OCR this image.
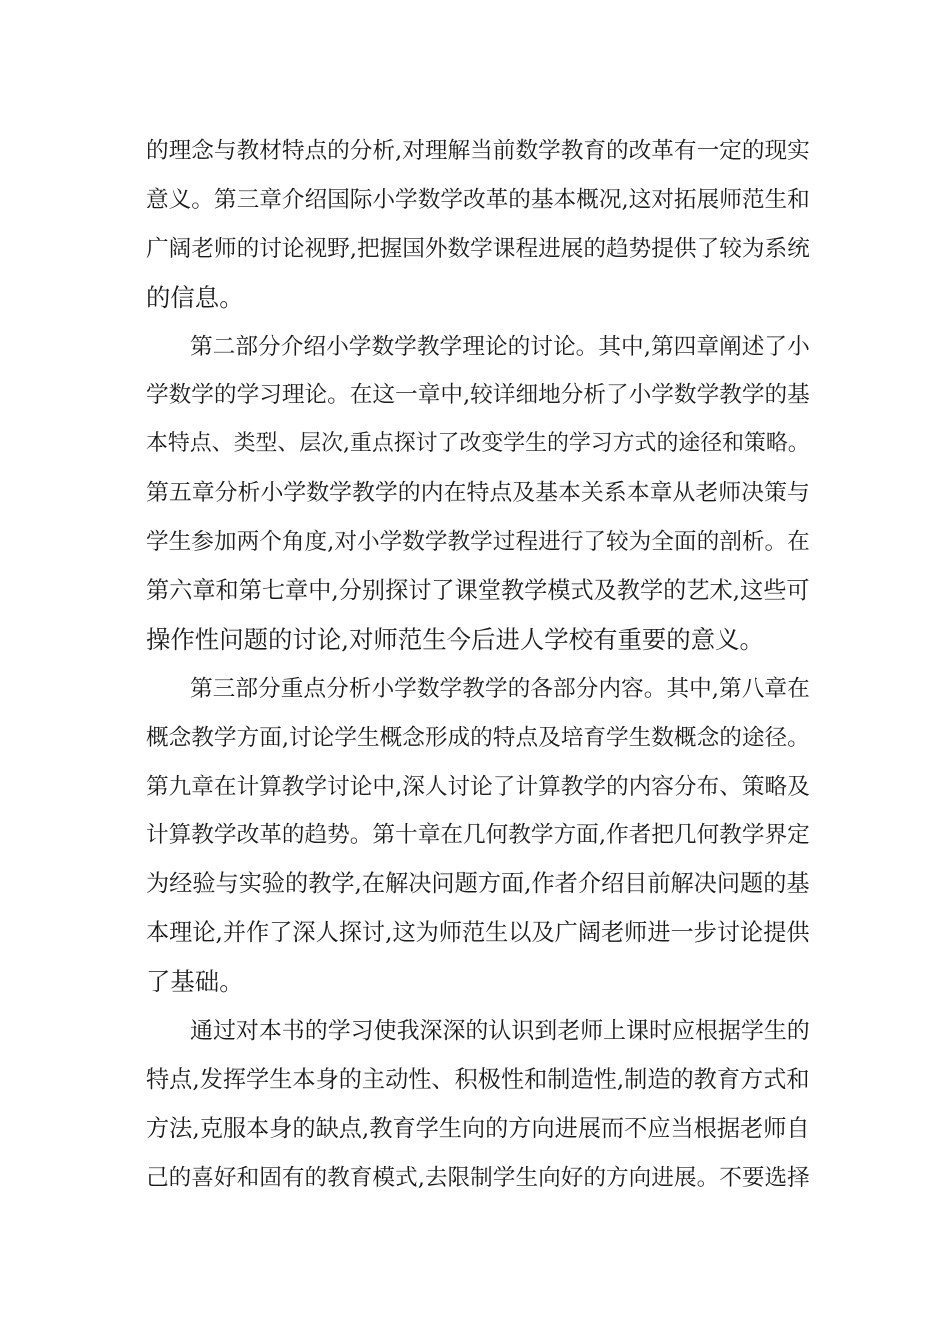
的理念与教材特点的分析,对理解当前数学教育的改革有一定的现实
意义。第三章介绍国际小学数学改革的基本概况,这对拓展师范生和
广阔老师的讨论视野,把握国外数学课程进展的趋势提供了较为系统
的信息。
第二部分介绍小学数学教学理论的讨论。其中,第四章阐述了小
学数学的学习理论。在这一章中,较详细地分析了小学数学教学的基
本特点、类型、层次,重点探讨了改变学生的学习方式的途径和策略。
第五章分析小学数学教学的内在特点及基本关系本章从老师决策与
学生参加两个角度,对小学数学教学过程进行了较为全面的剖析。在
第六章和第七章中,分别探讨了课堂教学模式及教学的艺术,这些可
操作性问题的讨论,对师范生今后进人学校有重要的意义。
第三部分重点分析小学数学教学的各部分内容。其中,第八章在
概念教学方面,讨论学生概念形成的特点及培育学生数概念的途径。
第九章在计算教学讨论中,深人讨论了计算教学的内容分布、策略及
计算教学改革的趋势。第十章在几何教学方面,作者把几何教学界定
为经验与实验的教学,在解决问题方面,作者介绍目前解决问题的基
本理论,并作了深人探讨,这为师范生以及广阔老师进一步讨论提供
了基础。
通过对本书的学习使我深深的认识到老师上课时应根据学生的
特点,发挥学生本身的主动性、积极性和制造性,制造的教育方式和
方法,克服本身的缺点,教育学生向的方向进展而不应当根据老师自
己的喜好和固有的教育模式,去限制学生向好的方向进展。不要选择
